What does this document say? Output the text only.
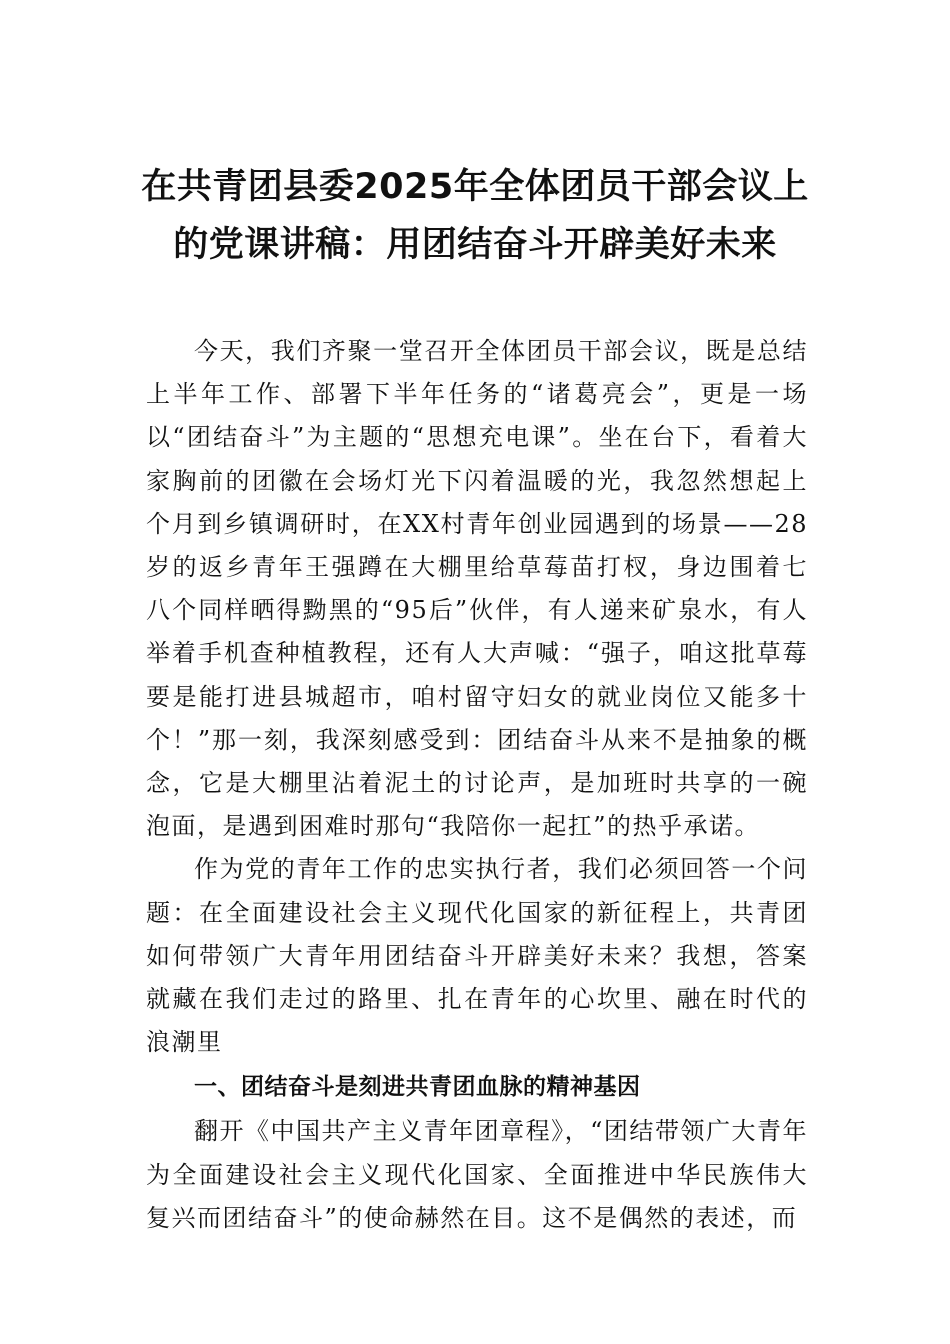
在共青团县委2025年全体团员干部会议上
的党课讲稿：用团结奋斗开辟美好未来

今天，我们齐聚一堂召开全体团员干部会议，既是总结上半年工作、部署下半年任务的“诸葛亮会”，更是一场以“团结奋斗”为主题的“思想充电课”。坐在台下，看着大家胸前的团徽在会场灯光下闪着温暖的光，我忽然想起上个月到乡镇调研时，在XX村青年创业园遇到的场景——28岁的返乡青年王强蹲在大棚里给草莓苗打杈，身边围着七八个同样晒得黝黑的“95后”伙伴，有人递来矿泉水，有人举着手机查种植教程，还有人大声喊：“强子，咱这批草莓要是能打进县城超市，咱村留守妇女的就业岗位又能多十个！”那一刻，我深刻感受到：团结奋斗从来不是抽象的概念，它是大棚里沾着泥土的讨论声，是加班时共享的一碗泡面，是遇到困难时那句“我陪你一起扛”的热乎承诺。

作为党的青年工作的忠实执行者，我们必须回答一个问题：在全面建设社会主义现代化国家的新征程上，共青团如何带领广大青年用团结奋斗开辟美好未来？我想，答案就藏在我们走过的路里、扎在青年的心坎里、融在时代的浪潮里

一、团结奋斗是刻进共青团血脉的精神基因

翻开《中国共产主义青年团章程》，“团结带领广大青年为全面建设社会主义现代化国家、全面推进中华民族伟大复兴而团结奋斗”的使命赫然在目。这不是偶然的表述，而
